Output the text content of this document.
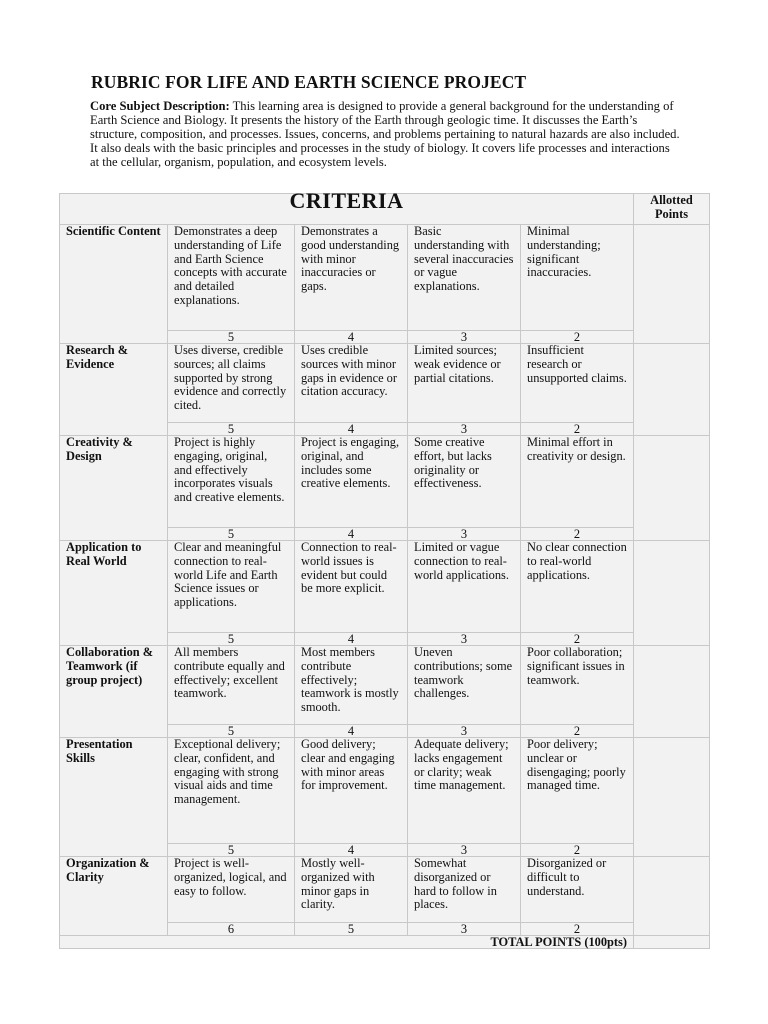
RUBRIC FOR LIFE AND EARTH SCIENCE PROJECT

Core Subject Description: This learning area is designed to provide a general background for the understanding of Earth Science and Biology. It presents the history of the Earth through geologic time. It discusses the Earth’s structure, composition, and processes. Issues, concerns, and problems pertaining to natural hazards are also included. It also deals with the basic principles and processes in the study of biology. It covers life processes and interactions at the cellular, organism, population, and ecosystem levels.

CRITERIA					Allotted Points
Scientific Content	Demonstrates a deep understanding of Life and Earth Science concepts with accurate and detailed explanations.	Demonstrates a good understanding with minor inaccuracies or gaps.	Basic understanding with several inaccuracies or vague explanations.	Minimal understanding; significant inaccuracies.	
	5	4	3	2	
Research & Evidence	Uses diverse, credible sources; all claims supported by strong evidence and correctly cited.	Uses credible sources with minor gaps in evidence or citation accuracy.	Limited sources; weak evidence or partial citations.	Insufficient research or unsupported claims.	
	5	4	3	2	
Creativity & Design	Project is highly engaging, original, and effectively incorporates visuals and creative elements.	Project is engaging, original, and includes some creative elements.	Some creative effort, but lacks originality or effectiveness.	Minimal effort in creativity or design.	
	5	4	3	2	
Application to Real World	Clear and meaningful connection to real-world Life and Earth Science issues or applications.	Connection to real-world issues is evident but could be more explicit.	Limited or vague connection to real-world applications.	No clear connection to real-world applications.	
	5	4	3	2	
Collaboration & Teamwork (if group project)	All members contribute equally and effectively; excellent teamwork.	Most members contribute effectively; teamwork is mostly smooth.	Uneven contributions; some teamwork challenges.	Poor collaboration; significant issues in teamwork.	
	5	4	3	2	
Presentation Skills	Exceptional delivery; clear, confident, and engaging with strong visual aids and time management.	Good delivery; clear and engaging with minor areas for improvement.	Adequate delivery; lacks engagement or clarity; weak time management.	Poor delivery; unclear or disengaging; poorly managed time.	
	5	4	3	2	
Organization & Clarity	Project is well-organized, logical, and easy to follow.	Mostly well-organized with minor gaps in clarity.	Somewhat disorganized or hard to follow in places.	Disorganized or difficult to understand.	
	6	5	3	2	
TOTAL POINTS (100pts)					
